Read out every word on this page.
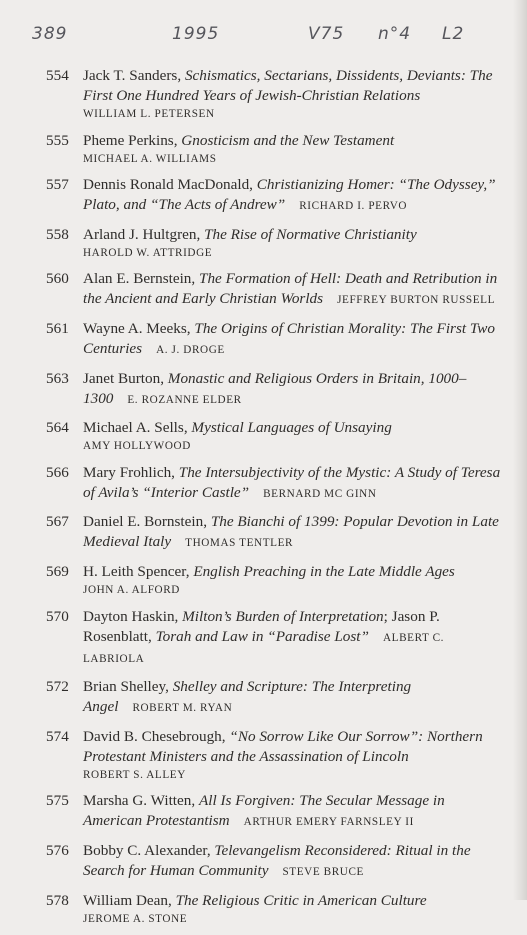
389	1995	V75 n°4 L2
554 Jack T. Sanders, Schismatics, Sectarians, Dissidents, Deviants: The First One Hundred Years of Jewish-Christian Relations
WILLIAM L. PETERSEN
555 Pheme Perkins, Gnosticism and the New Testament
MICHAEL A. WILLIAMS
557 Dennis Ronald MacDonald, Christianizing Homer: “The Odyssey,” Plato, and “The Acts of Andrew” RICHARD I. PERVO
558 Arland J. Hultgren, The Rise of Normative Christianity
HAROLD W. ATTRIDGE
560 Alan E. Bernstein, The Formation of Hell: Death and Retribution in the Ancient and Early Christian Worlds JEFFREY BURTON RUSSELL
561 Wayne A. Meeks, The Origins of Christian Morality: The First Two Centuries A. J. DROGE
563 Janet Burton, Monastic and Religious Orders in Britain, 1000–1300 E. ROZANNE ELDER
564 Michael A. Sells, Mystical Languages of Unsaying
AMY HOLLYWOOD
566 Mary Frohlich, The Intersubjectivity of the Mystic: A Study of Teresa of Avila’s “Interior Castle” BERNARD MC GINN
567 Daniel E. Bornstein, The Bianchi of 1399: Popular Devotion in Late Medieval Italy THOMAS TENTLER
569 H. Leith Spencer, English Preaching in the Late Middle Ages
JOHN A. ALFORD
570 Dayton Haskin, Milton’s Burden of Interpretation; Jason P. Rosenblatt, Torah and Law in “Paradise Lost” ALBERT C. LABRIOLA
572 Brian Shelley, Shelley and Scripture: The Interpreting Angel ROBERT M. RYAN
574 David B. Chesebrough, “No Sorrow Like Our Sorrow”: Northern Protestant Ministers and the Assassination of Lincoln
ROBERT S. ALLEY
575 Marsha G. Witten, All Is Forgiven: The Secular Message in American Protestantism ARTHUR EMERY FARNSLEY II
576 Bobby C. Alexander, Televangelism Reconsidered: Ritual in the Search for Human Community STEVE BRUCE
578 William Dean, The Religious Critic in American Culture
JEROME A. STONE
